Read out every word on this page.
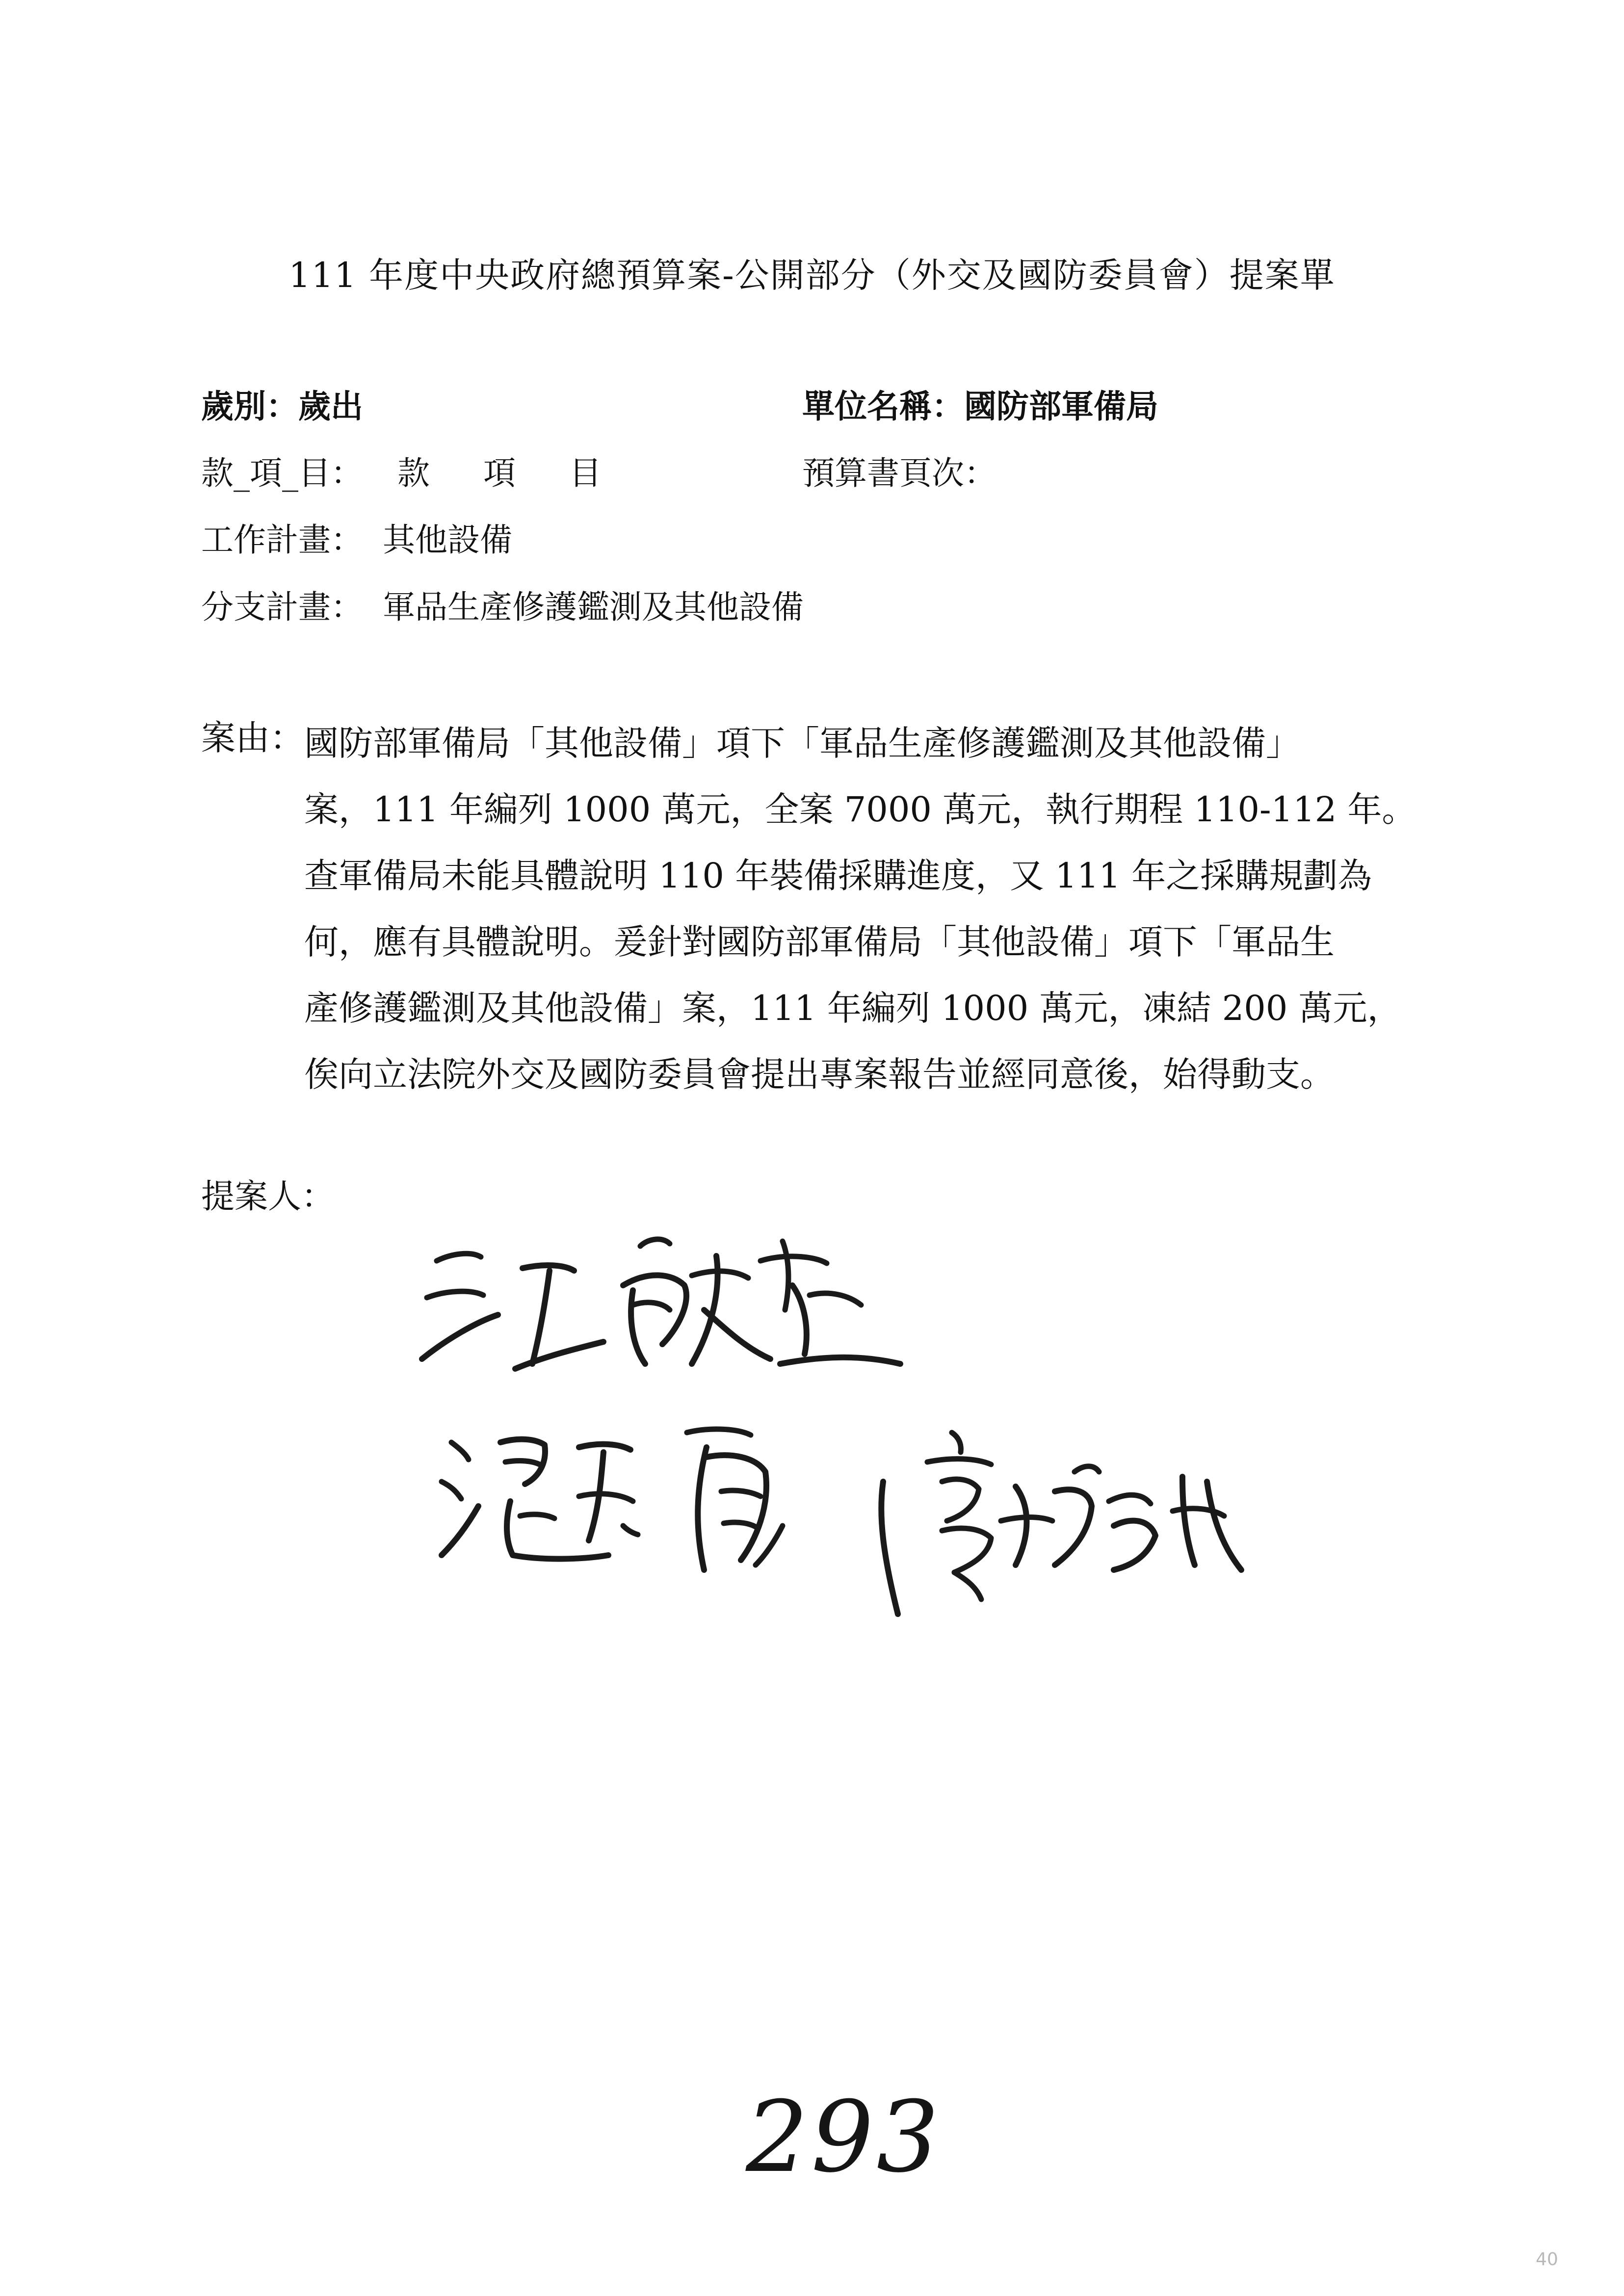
111 年度中央政府總預算案-公開部分（外交及國防委員會）提案單
歲別：歲出	單位名稱：國防部軍備局
款_項_目： 款 項 目	預算書頁次：
工作計畫： 其他設備
分支計畫： 軍品生產修護鑑測及其他設備
案由： 國防部軍備局「其他設備」項下「軍品生產修護鑑測及其他設備」
案，111 年編列 1000 萬元，全案 7000 萬元，執行期程 110-112 年。
查軍備局未能具體說明 110 年裝備採購進度，又 111 年之採購規劃為
何，應有具體說明。爰針對國防部軍備局「其他設備」項下「軍品生
產修護鑑測及其他設備」案，111 年編列 1000 萬元，凍結 200 萬元，
俟向立法院外交及國防委員會提出專案報告並經同意後，始得動支。
提案人：
293
40
